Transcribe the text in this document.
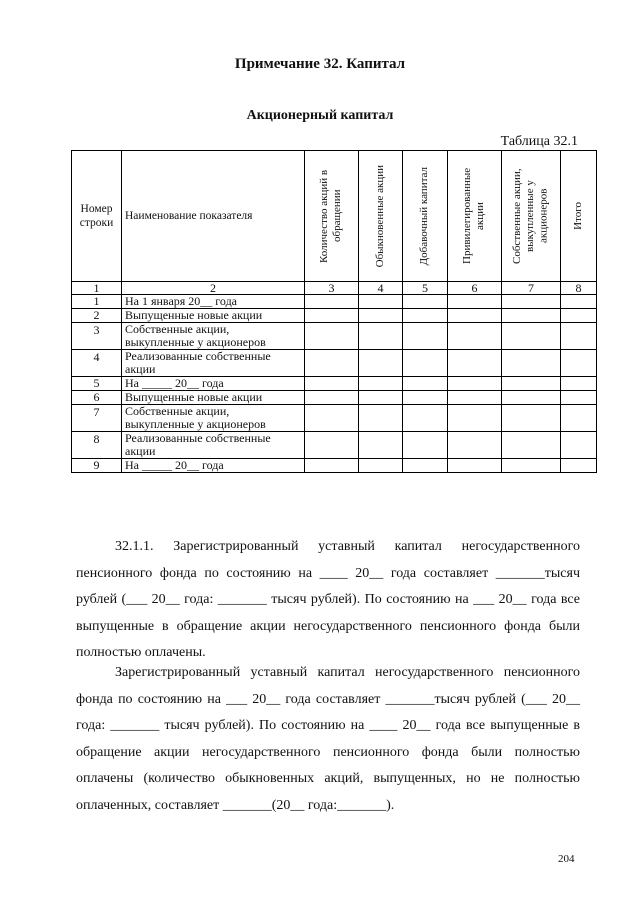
Примечание 32. Капитал
Акционерный капитал
Таблица 32.1
Номер строки	Наименование показателя	Количество акций в обращении	Обыкновенные акции	Добавочный капитал	Привилегированные акции	Собственные акции, выкупленные у акционеров	Итого

1	2	3	4	5	6	7	8
1	На 1 января 20__ года						
2	Выпущенные новые акции						
3	Собственные акции, выкупленные у акционеров						
4	Реализованные собственные акции						
5	На _____ 20__ года						
6	Выпущенные новые акции						
7	Собственные акции, выкупленные у акционеров						
8	Реализованные собственные акции						
9	На _____ 20__ года						

32.1.1. Зарегистрированный уставный капитал негосударственного пенсионного фонда по состоянию на ____ 20__ года составляет _______тысяч рублей (___ 20__ года: _______ тысяч рублей). По состоянию на ___ 20__ года все выпущенные в обращение акции негосударственного пенсионного фонда были полностью оплачены.

Зарегистрированный уставный капитал негосударственного пенсионного фонда по состоянию на ___ 20__ года составляет _______тысяч рублей (___ 20__ года: _______ тысяч рублей). По состоянию на ____ 20__ года все выпущенные в обращение акции негосударственного пенсионного фонда были полностью оплачены (количество обыкновенных акций, выпущенных, но не полностью оплаченных, составляет _______(20__ года:_______).

204
